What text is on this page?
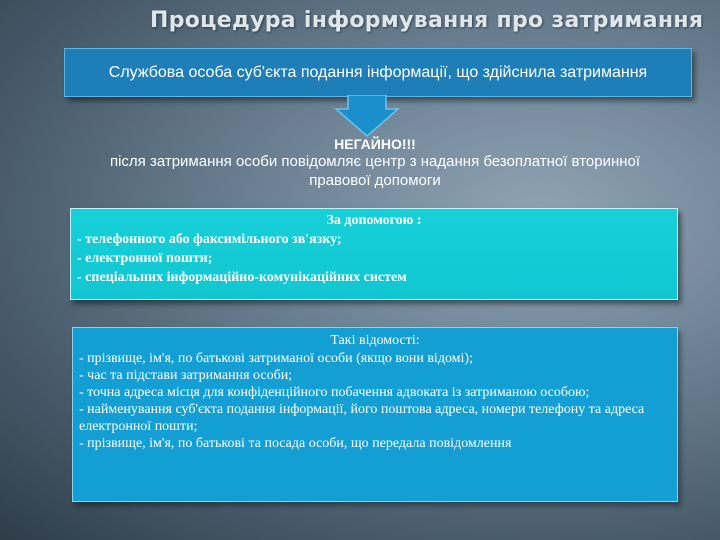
Процедура інформування про затримання
Службова особа суб'єкта подання інформації, що здійснила затримання
НЕГАЙНО!!!
після затримання особи повідомляє центр з надання безоплатної вторинної правової допомоги
За допомогою :
- телефонного або факсимільного зв'язку;
- електронної пошти;
- спеціальних інформаційно-комунікаційних систем
Такі відомості:
- прізвище, ім'я, по батькові затриманої особи (якщо вони відомі);
- час та підстави затримання особи;
- точна адреса місця для конфіденційного побачення адвоката із затриманою особою;
- найменування суб'єкта подання інформації, його поштова адреса, номери телефону та адреса електронної пошти;
- прізвище, ім'я, по батькові та посада особи, що передала повідомлення
